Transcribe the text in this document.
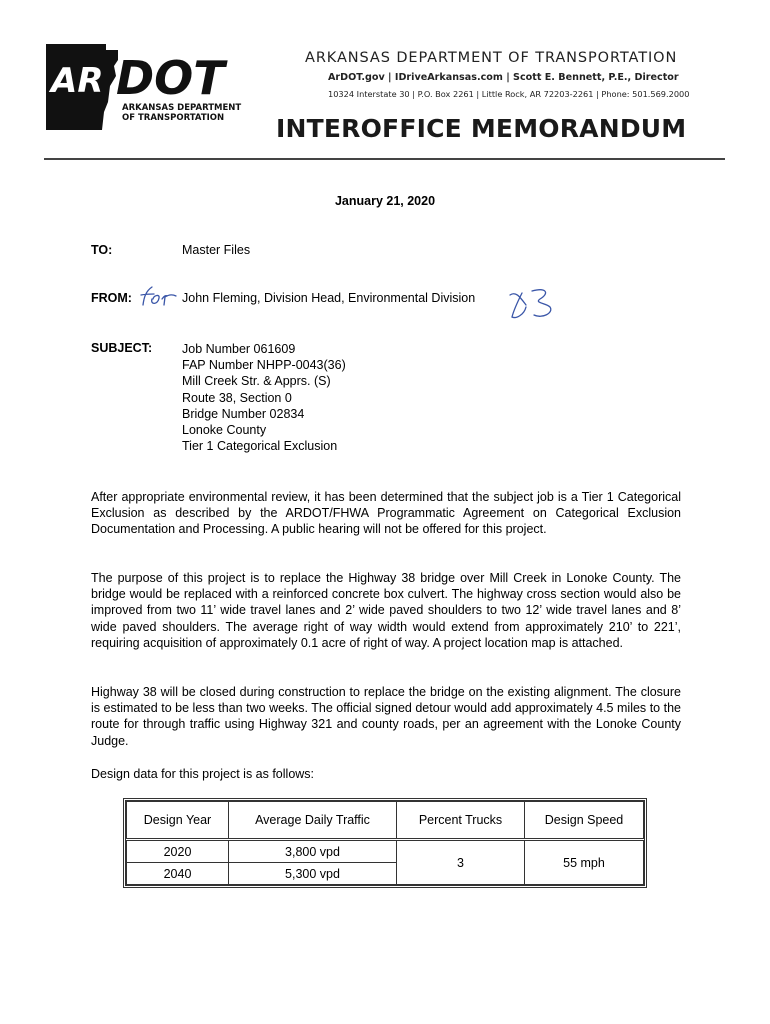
AR DOT
ARKANSAS DEPARTMENT
OF TRANSPORTATION
ARKANSAS DEPARTMENT OF TRANSPORTATION
ArDOT.gov | IDriveArkansas.com | Scott E. Bennett, P.E., Director
10324 Interstate 30 | P.O. Box 2261 | Little Rock, AR 72203-2261 | Phone: 501.569.2000
INTEROFFICE MEMORANDUM
January 21, 2020
TO:	Master Files
FROM:	John Fleming, Division Head, Environmental Division
SUBJECT: Job Number 061609
FAP Number NHPP-0043(36)
Mill Creek Str. & Apprs. (S)
Route 38, Section 0
Bridge Number 02834
Lonoke County
Tier 1 Categorical Exclusion
After appropriate environmental review, it has been determined that the subject job is a Tier 1 Categorical Exclusion as described by the ARDOT/FHWA Programmatic Agreement on Categorical Exclusion Documentation and Processing. A public hearing will not be offered for this project.
The purpose of this project is to replace the Highway 38 bridge over Mill Creek in Lonoke County. The bridge would be replaced with a reinforced concrete box culvert. The highway cross section would also be improved from two 11’ wide travel lanes and 2’ wide paved shoulders to two 12’ wide travel lanes and 8’ wide paved shoulders. The average right of way width would extend from approximately 210’ to 221’, requiring acquisition of approximately 0.1 acre of right of way. A project location map is attached.
Highway 38 will be closed during construction to replace the bridge on the existing alignment. The closure is estimated to be less than two weeks. The official signed detour would add approximately 4.5 miles to the route for through traffic using Highway 321 and county roads, per an agreement with the Lonoke County Judge.
Design data for this project is as follows:
Design Year	Average Daily Traffic	Percent Trucks	Design Speed
2020	3,800 vpd	3	55 mph
2040	5,300 vpd		
